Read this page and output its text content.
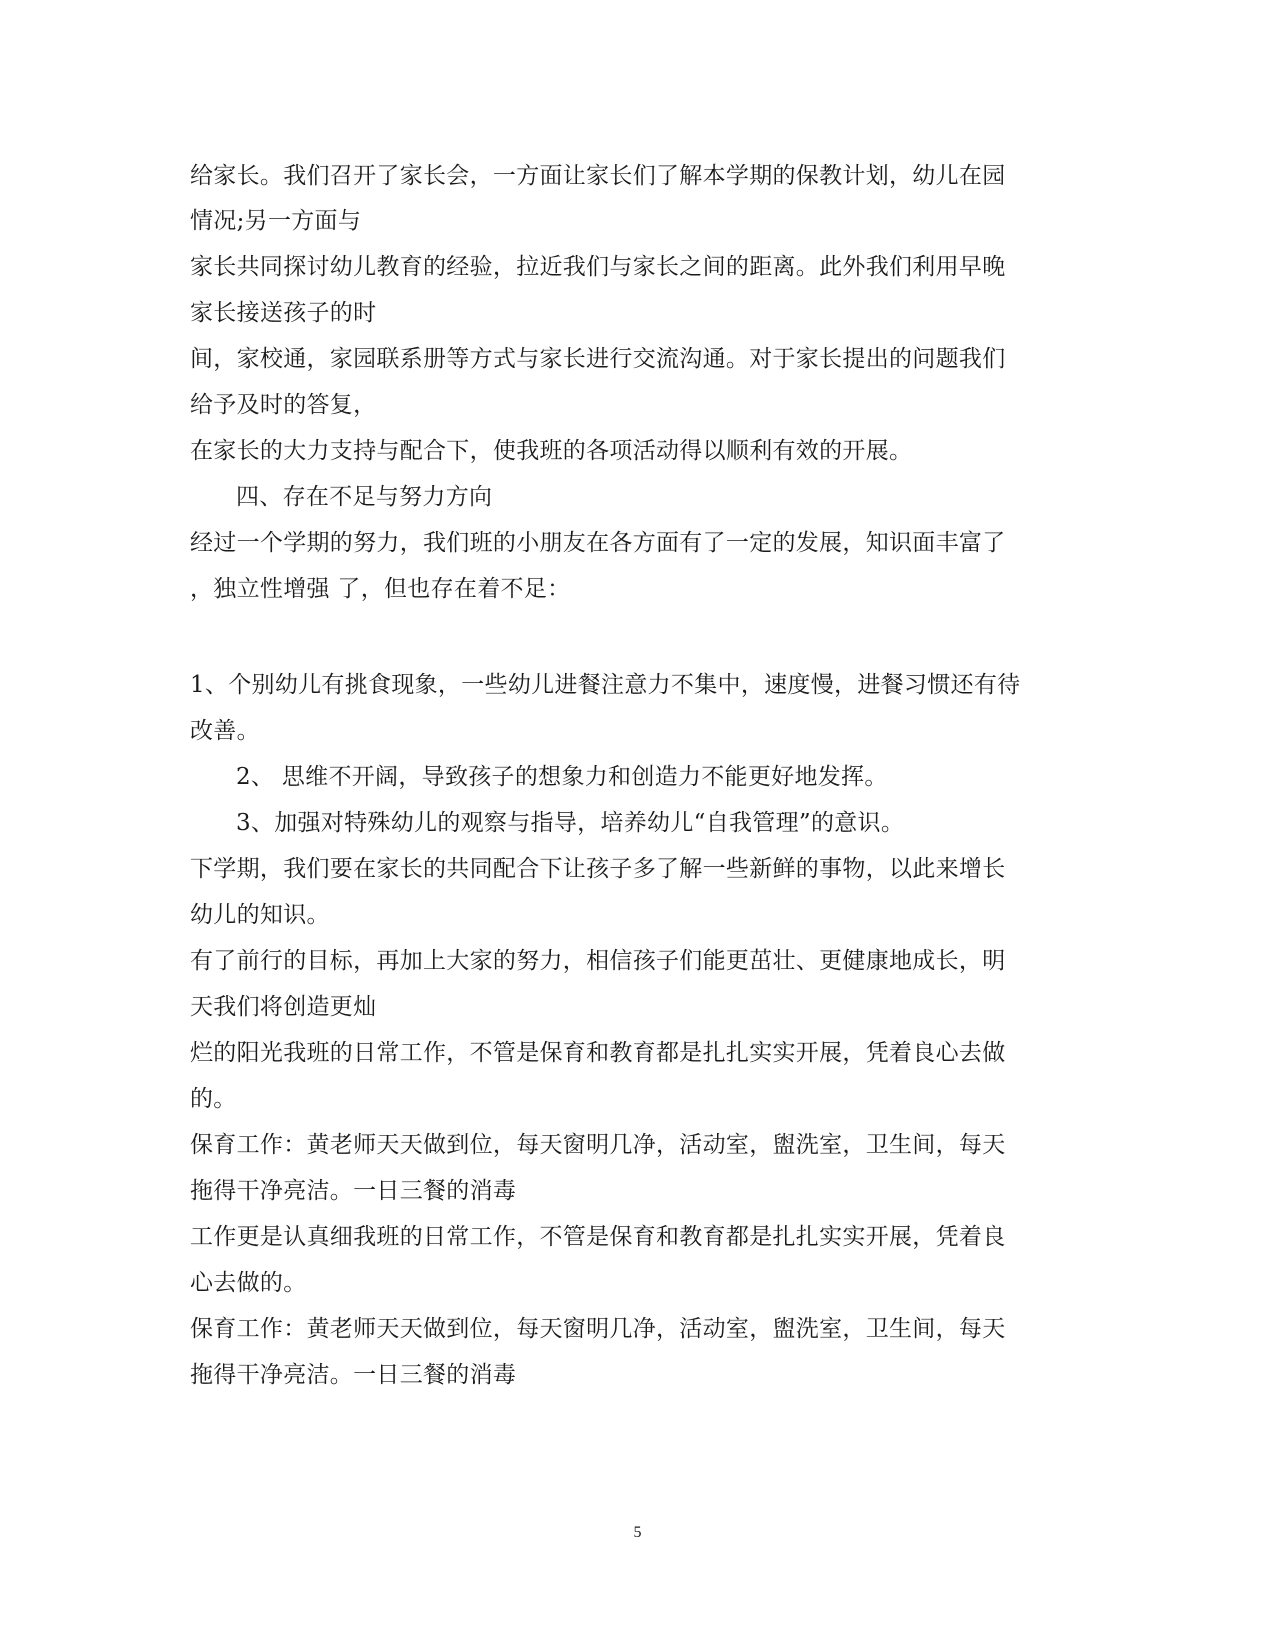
给家长。我们召开了家长会，一方面让家长们了解本学期的保教计划，幼儿在园
情况;另一方面与
家长共同探讨幼儿教育的经验，拉近我们与家长之间的距离。此外我们利用早晚
家长接送孩子的时
间，家校通，家园联系册等方式与家长进行交流沟通。对于家长提出的问题我们
给予及时的答复，
在家长的大力支持与配合下，使我班的各项活动得以顺利有效的开展。
四、存在不足与努力方向
经过一个学期的努力，我们班的小朋友在各方面有了一定的发展，知识面丰富了
，独立性增强 了，但也存在着不足：
1、个别幼儿有挑食现象，一些幼儿进餐注意力不集中，速度慢，进餐习惯还有待
改善。
2、 思维不开阔，导致孩子的想象力和创造力不能更好地发挥。
3、加强对特殊幼儿的观察与指导，培养幼儿“自我管理”的意识。
下学期，我们要在家长的共同配合下让孩子多了解一些新鲜的事物，以此来增长
幼儿的知识。
有了前行的目标，再加上大家的努力，相信孩子们能更茁壮、更健康地成长，明
天我们将创造更灿
烂的阳光我班的日常工作，不管是保育和教育都是扎扎实实开展，凭着良心去做
的。
保育工作：黄老师天天做到位，每天窗明几净，活动室，盥洗室，卫生间，每天
拖得干净亮洁。一日三餐的消毒
工作更是认真细我班的日常工作，不管是保育和教育都是扎扎实实开展，凭着良
心去做的。
保育工作：黄老师天天做到位，每天窗明几净，活动室，盥洗室，卫生间，每天
拖得干净亮洁。一日三餐的消毒
5
